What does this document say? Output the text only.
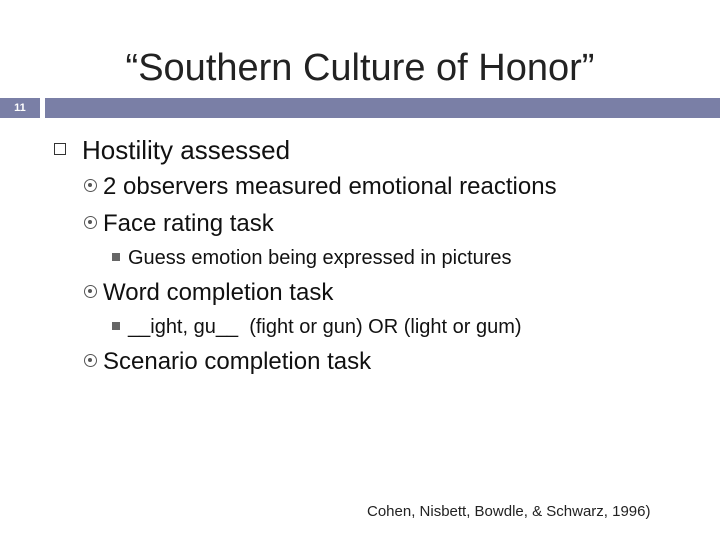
“Southern Culture of Honor”
11
Hostility assessed
2 observers measured emotional reactions
Face rating task
Guess emotion being expressed in pictures
Word completion task
__ight, gu__  (fight or gun) OR (light or gum)
Scenario completion task
Cohen, Nisbett, Bowdle, & Schwarz, 1996)
